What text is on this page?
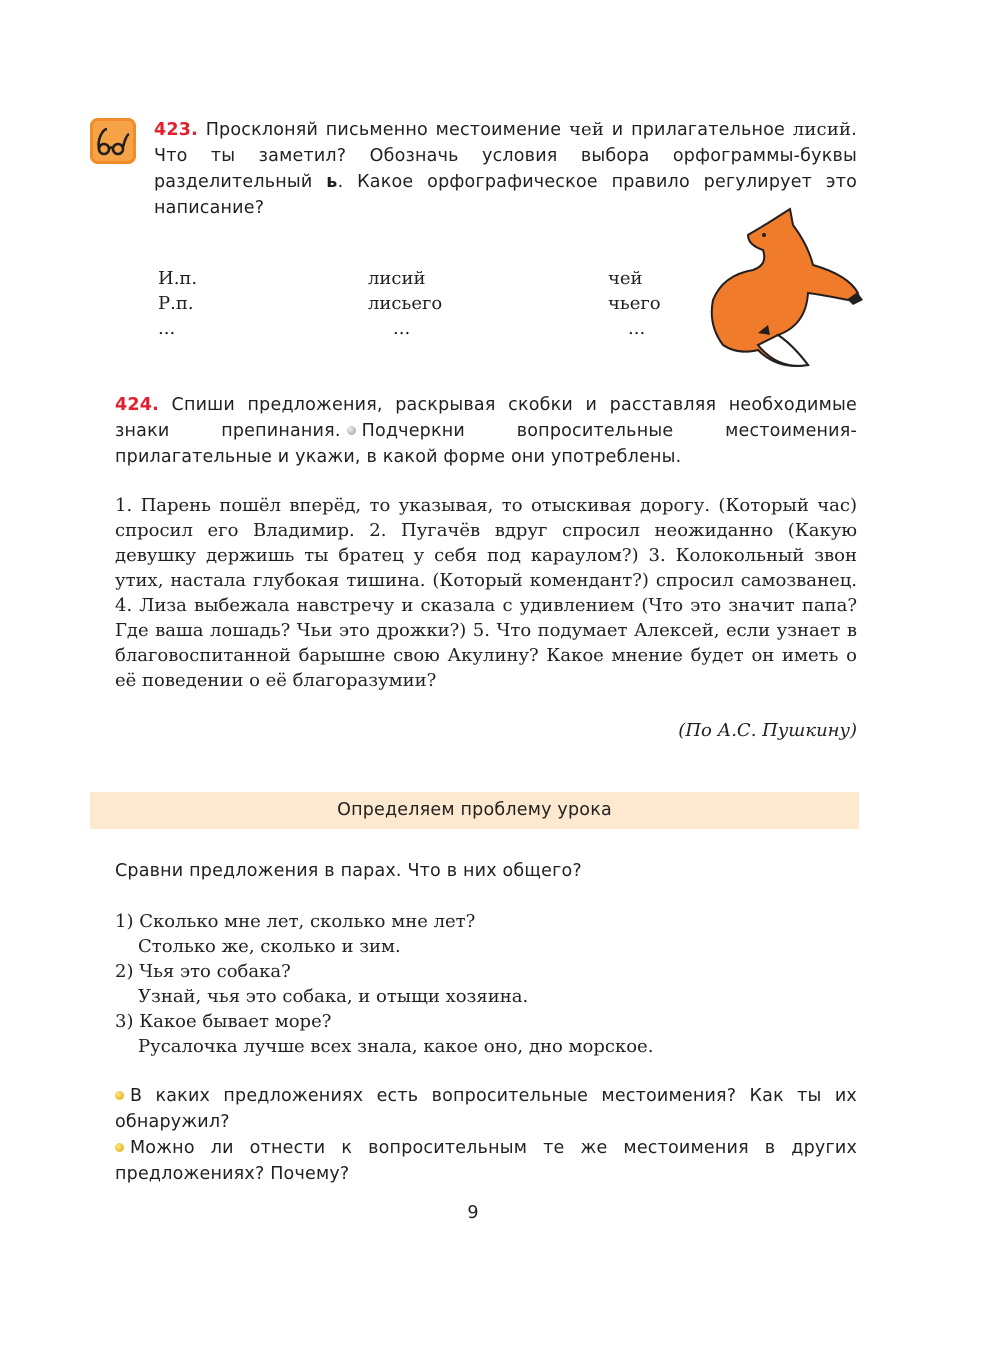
423. Просклоняй письменно местоимение чей и прилагательное лисий. Что ты заметил? Обозначь условия выбора орфограммы-буквы разделительный ь. Какое орфографическое правило регулирует это написание?
И.п.	лисий	чей
Р.п.	лисьего	чьего
...	...	...
424. Спиши предложения, раскрывая скобки и расставляя необходимые знаки препинания. Подчеркни вопросительные местоимения-прилагательные и укажи, в какой форме они употреблены.
1. Парень пошёл вперёд, то указывая, то отыскивая дорогу. (Который час) спросил его Владимир. 2. Пугачёв вдруг спросил неожиданно (Какую девушку держишь ты братец у себя под караулом?) 3. Колокольный звон утих, настала глубокая тишина. (Который комендант?) спросил самозванец. 4. Лиза выбежала навстречу и сказала с удивлением (Что это значит папа? Где ваша лошадь? Чьи это дрожки?) 5. Что подумает Алексей, если узнает в благовоспитанной барышне свою Акулину? Какое мнение будет он иметь о её поведении о её благоразумии?
(По А.С. Пушкину)
Определяем проблему урока
Сравни предложения в парах. Что в них общего?
1) Сколько мне лет, сколько мне лет?
Столько же, сколько и зим.
2) Чья это собака?
Узнай, чья это собака, и отыщи хозяина.
3) Какое бывает море?
Русалочка лучше всех знала, какое оно, дно морское.
В каких предложениях есть вопросительные местоимения? Как ты их обнаружил?
Можно ли отнести к вопросительным те же местоимения в других предложениях? Почему?
9
